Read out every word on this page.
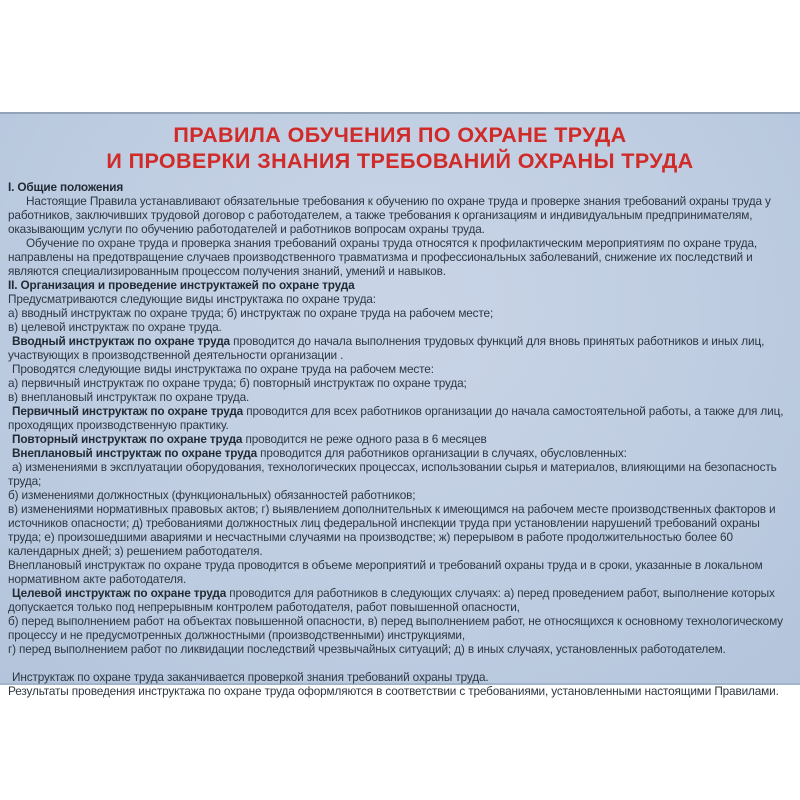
ПРАВИЛА ОБУЧЕНИЯ ПО ОХРАНЕ ТРУДА
И ПРОВЕРКИ ЗНАНИЯ ТРЕБОВАНИЙ ОХРАНЫ ТРУДА

I. Общие положения

Настоящие Правила устанавливают обязательные требования к обучению по охране труда и проверке знания требований охраны труда у работников, заключивших трудовой договор с работодателем, а также требования к организациям и индивидуальным предпринимателям, оказывающим услуги по обучению работодателей и работников вопросам охраны труда.

Обучение по охране труда и проверка знания требований охраны труда относятся к профилактическим мероприятиям по охране труда, направлены на предотвращение случаев производственного травматизма и профессиональных заболеваний, снижение их последствий и являются специализированным процессом получения знаний, умений и навыков.

II. Организация и проведение инструктажей по охране труда

Предусматриваются следующие виды инструктажа по охране труда:

а) вводный инструктаж по охране труда; б) инструктаж по охране труда на рабочем месте;

в) целевой инструктаж по охране труда.

Вводный инструктаж по охране труда проводится до начала выполнения трудовых функций для вновь принятых работников и иных лиц, участвующих в производственной деятельности организации .

Проводятся следующие виды инструктажа по охране труда на рабочем месте:

а) первичный инструктаж по охране труда; б) повторный инструктаж по охране труда;

в) внеплановый инструктаж по охране труда.

Первичный инструктаж по охране труда проводится для всех работников организации до начала самостоятельной работы, а также для лиц, проходящих производственную практику.

Повторный инструктаж по охране труда проводится не реже одного раза в 6 месяцев

Внеплановый инструктаж по охране труда проводится для работников организации в случаях, обусловленных:

а) изменениями в эксплуатации оборудования, технологических процессах, использовании сырья и материалов, влияющими на безопасность труда;

б) изменениями должностных (функциональных) обязанностей работников;

в) изменениями нормативных правовых актов; г) выявлением дополнительных к имеющимся на рабочем месте производственных факторов и источников опасности; д) требованиями должностных лиц федеральной инспекции труда при установлении нарушений требований охраны труда; е) произошедшими авариями и несчастными случаями на производстве; ж) перерывом в работе продолжительностью более 60 календарных дней; з) решением работодателя.

Внеплановый инструктаж по охране труда проводится в объеме мероприятий и требований охраны труда и в сроки, указанные в локальном нормативном акте работодателя.

Целевой инструктаж по охране труда проводится для работников в следующих случаях: а) перед проведением работ, выполнение которых допускается только под непрерывным контролем работодателя, работ повышенной опасности,

б) перед выполнением работ на объектах повышенной опасности, в) перед выполнением работ, не относящихся к основному технологическому процессу и не предусмотренных должностными (производственными) инструкциями,

г) перед выполнением работ по ликвидации последствий чрезвычайных ситуаций; д) в иных случаях, установленных работодателем.

Инструктаж по охране труда заканчивается проверкой знания требований охраны труда.

Результаты проведения инструктажа по охране труда оформляются в соответствии с требованиями, установленными настоящими Правилами.
